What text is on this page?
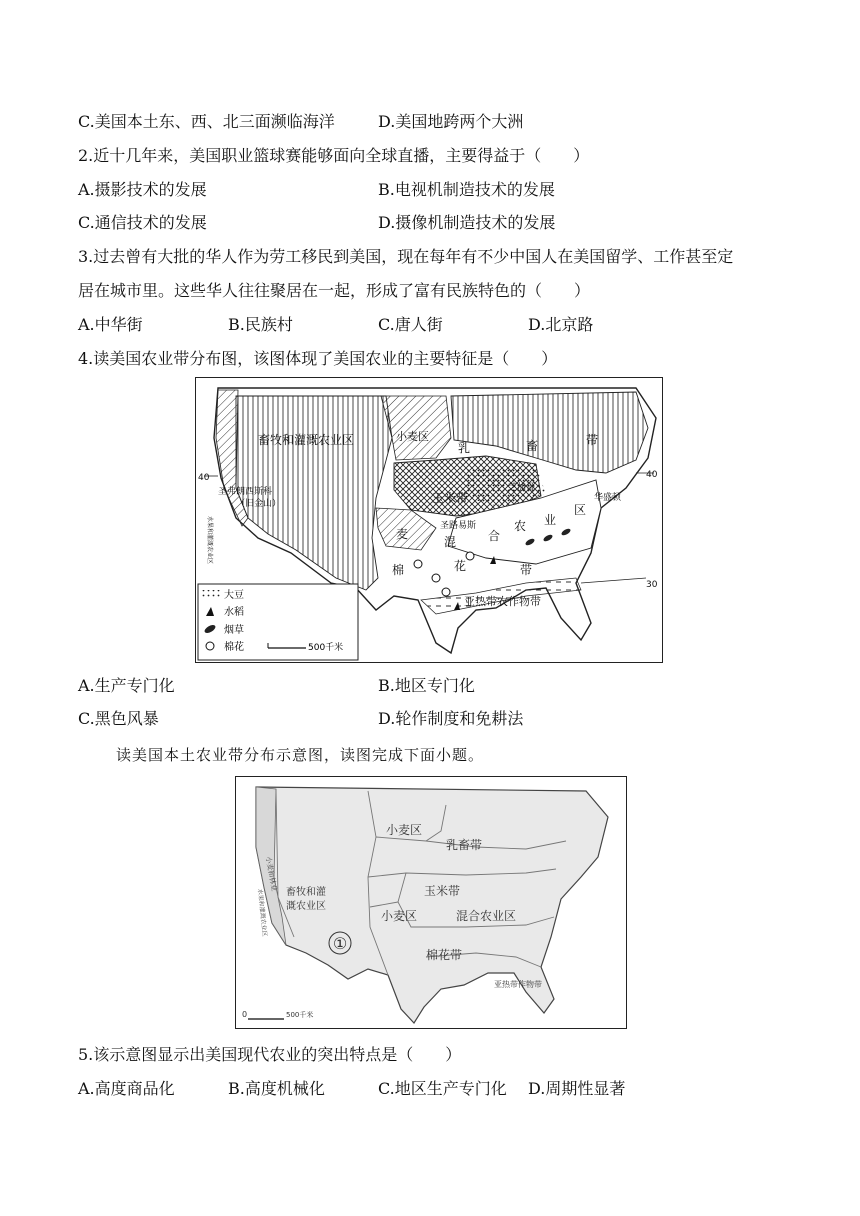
C.美国本土东、西、北三面濒临海洋	D.美国地跨两个大洲
2.近十几年来，美国职业篮球赛能够面向全球直播，主要得益于（　　）
A.摄影技术的发展	B.电视机制造技术的发展
C.通信技术的发展	D.摄像机制造技术的发展
3.过去曾有大批的华人作为劳工移民到美国，现在每年有不少中国人在美国留学、工作甚至定
居在城市里。这些华人往往聚居在一起，形成了富有民族特色的（　　）
A.中华街	B.民族村	C.唐人街	D.北京路
4.读美国农业带分布图，该图体现了美国农业的主要特征是（　　）
畜牧和灌溉农业区	小麦区
乳	畜	带
玉米带
麦
混	合
农 业
区
棉	花	带
亚热带农作物带
芝加哥
华盛顿
圣路易斯
圣弗朗西斯科
（旧金山）
水果和灌溉农业区
40	40
30
大豆
水稻
烟草
棉花	500千米
A.生产专门化	B.地区专门化
C.黑色风暴	D.轮作制度和免耕法
读美国本土农业带分布示意图，读图完成下面小题。
小麦区
乳畜带
畜牧和灌
溉农业区
玉米带
小麦区	混合农业区
棉花带
亚热带作物带
①
小麦和林业
水果和灌溉农业区
0	500千米
5.该示意图显示出美国现代农业的突出特点是（　　）
A.高度商品化	B.高度机械化	C.地区生产专门化 D.周期性显著
